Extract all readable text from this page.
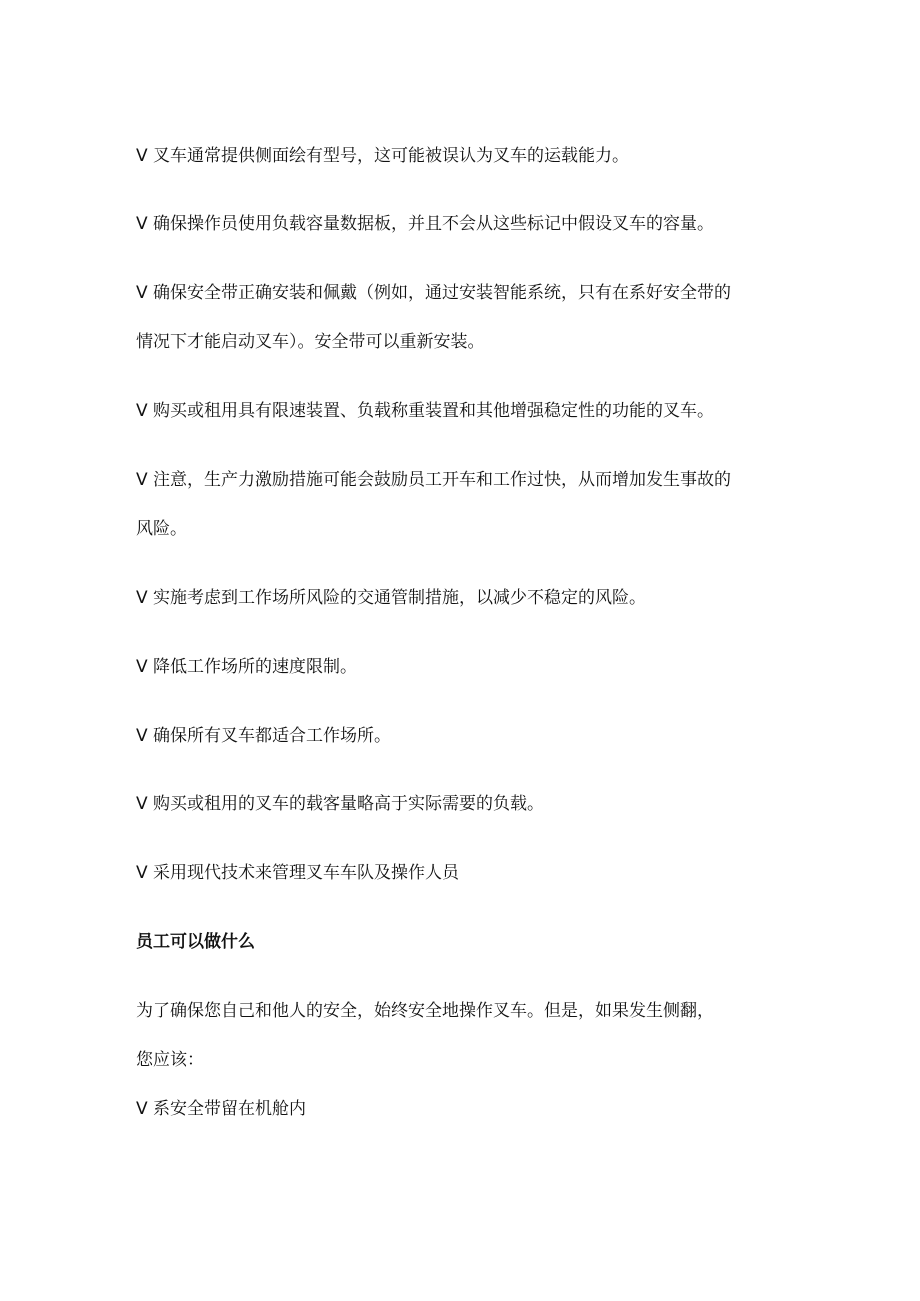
V 叉车通常提供侧面绘有型号，这可能被误认为叉车的运载能力。
V 确保操作员使用负载容量数据板，并且不会从这些标记中假设叉车的容量。
V 确保安全带正确安装和佩戴（例如，通过安装智能系统，只有在系好安全带的
情况下才能启动叉车）。安全带可以重新安装。
V 购买或租用具有限速装置、负载称重装置和其他增强稳定性的功能的叉车。
V 注意，生产力激励措施可能会鼓励员工开车和工作过快，从而增加发生事故的
风险。
V 实施考虑到工作场所风险的交通管制措施，以减少不稳定的风险。
V 降低工作场所的速度限制。
V 确保所有叉车都适合工作场所。
V 购买或租用的叉车的载客量略高于实际需要的负载。
V 采用现代技术来管理叉车车队及操作人员
员工可以做什么
为了确保您自己和他人的安全，始终安全地操作叉车。但是，如果发生侧翻，
您应该：
V 系安全带留在机舱内
